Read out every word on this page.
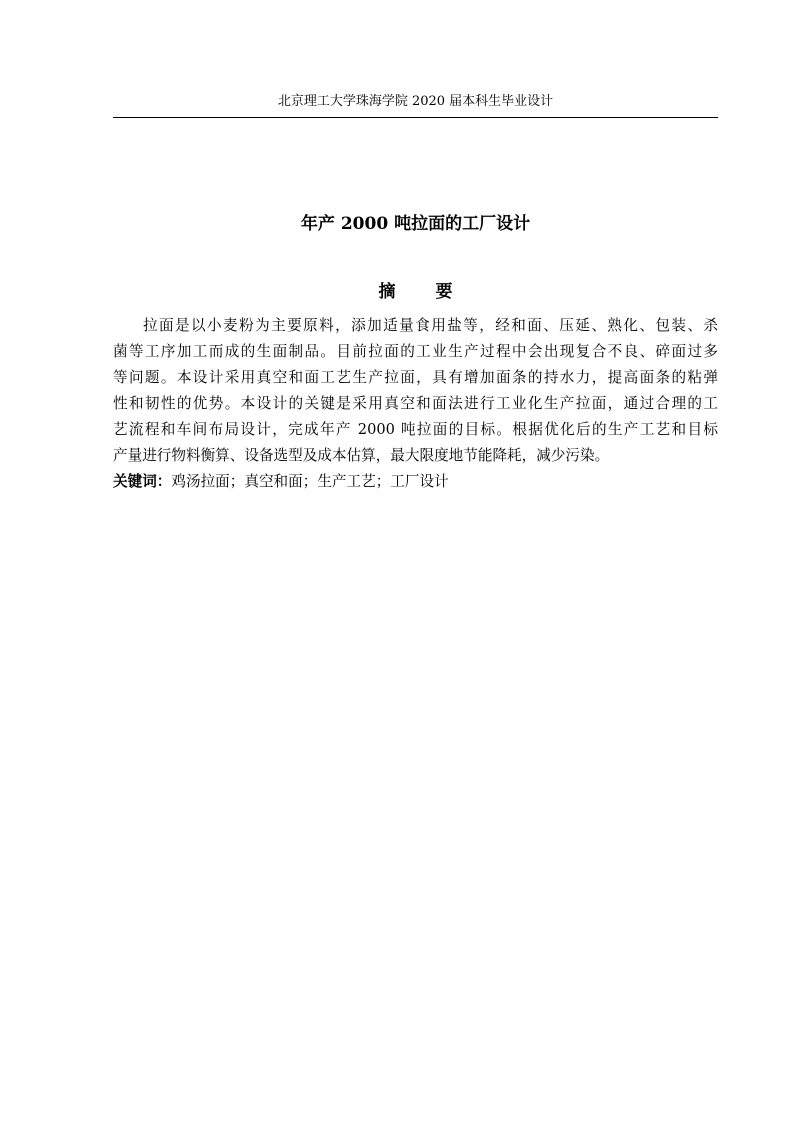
北京理工大学珠海学院 2020 届本科生毕业设计
年产 2000 吨拉面的工厂设计
摘 要
拉面是以小麦粉为主要原料，添加适量食用盐等，经和面、压延、熟化、包装、杀
菌等工序加工而成的生面制品。目前拉面的工业生产过程中会出现复合不良、碎面过多
等问题。本设计采用真空和面工艺生产拉面，具有增加面条的持水力，提高面条的粘弹
性和韧性的优势。本设计的关键是采用真空和面法进行工业化生产拉面，通过合理的工
艺流程和车间布局设计，完成年产 2000 吨拉面的目标。根据优化后的生产工艺和目标
产量进行物料衡算、设备选型及成本估算，最大限度地节能降耗，减少污染。
关键词：鸡汤拉面；真空和面；生产工艺；工厂设计
